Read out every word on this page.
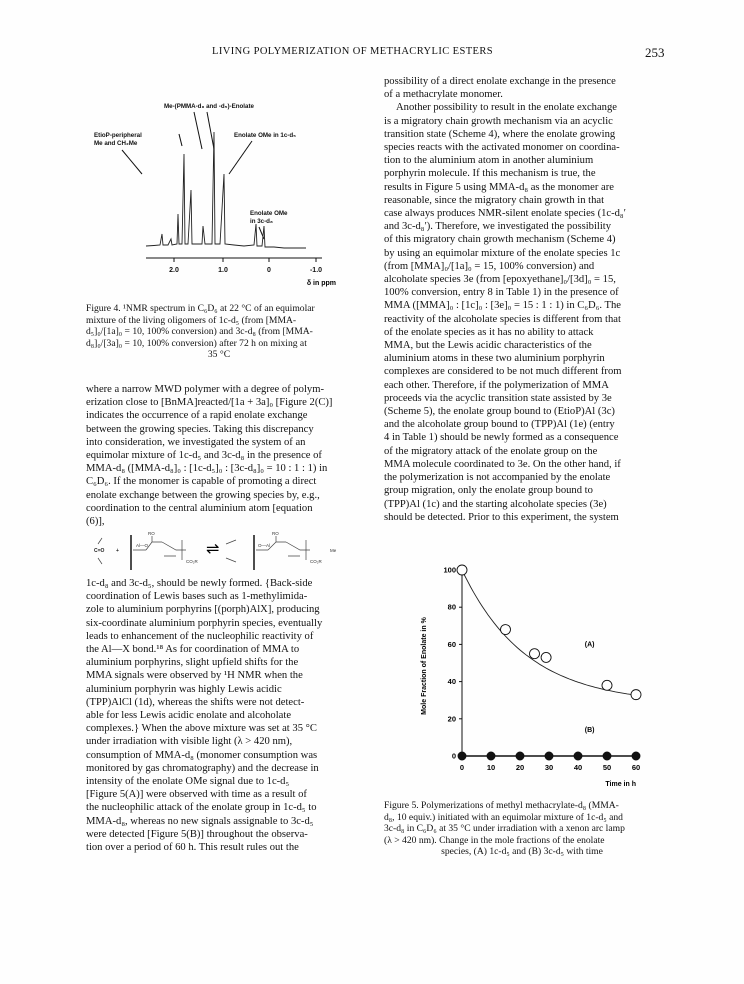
LIVING POLYMERIZATION OF METHACRYLIC ESTERS	253
Me-(PMMA-d₈ and -d₅)-Enolate
EtioP-peripheral
Me and CH₂Me
Enolate OMe in 1c-d₅
Enolate OMe
in 3c-d₈
2.0	1.0	0	-1.0
δ in ppm
Figure 4. ¹NMR spectrum in C₆D₆ at 22 °C of an equimolar
mixture of the living oligomers of 1c-d₅ (from [MMA-
d₅]₀/[1a]₀ = 10, 100% conversion) and 3c-d₈ (from [MMA-
d₈]₀/[3a]₀ = 10, 100% conversion) after 72 h on mixing at
35 °C
where a narrow MWD polymer with a degree of polym-
erization close to [BnMA]reacted/[1a + 3a]₀ [Figure 2(C)]
indicates the occurrence of a rapid enolate exchange
between the growing species. Taking this discrepancy
into consideration, we investigated the system of an
equimolar mixture of 1c-d₅ and 3c-d₈ in the presence of
MMA-d₈ ([MMA-d₈]₀ : [1c-d₅]₀ : [3c-d₈]₀ = 10 : 1 : 1) in
C₆D₆. If the monomer is capable of promoting a direct
enolate exchange between the growing species by, e.g.,
coordination to the central aluminium atom [equation
(6)],
C=O +
Al—O	O—Al
CO₂R	CO₂R
RO	RO
Me
⇌
1c-d₈ and 3c-d₅, should be newly formed. {Back-side
coordination of Lewis bases such as 1-methylimida-
zole to aluminium porphyrins [(porph)AlX], producing
six-coordinate aluminium porphyrin species, eventually
leads to enhancement of the nucleophilic reactivity of
the Al—X bond.¹⁸ As for coordination of MMA to
aluminium porphyrins, slight upfield shifts for the
MMA signals were observed by ¹H NMR when the
aluminium porphyrin was highly Lewis acidic
(TPP)AlCl (1d), whereas the shifts were not detect-
able for less Lewis acidic enolate and alcoholate
complexes.} When the above mixture was set at 35 °C
under irradiation with visible light (λ > 420 nm),
consumption of MMA-d₈ (monomer consumption was
monitored by gas chromatography) and the decrease in
intensity of the enolate OMe signal due to 1c-d₅
[Figure 5(A)] were observed with time as a result of
the nucleophilic attack of the enolate group in 1c-d₅ to
MMA-d₈, whereas no new signals assignable to 3c-d₅
were detected [Figure 5(B)] throughout the observa-
tion over a period of 60 h. This result rules out the
possibility of a direct enolate exchange in the presence
of a methacrylate monomer.
Another possibility to result in the enolate exchange
is a migratory chain growth mechanism via an acyclic
transition state (Scheme 4), where the enolate growing
species reacts with the activated monomer on coordina-
tion to the aluminium atom in another aluminium
porphyrin molecule. If this mechanism is true, the
results in Figure 5 using MMA-d₈ as the monomer are
reasonable, since the migratory chain growth in that
case always produces NMR-silent enolate species (1c-d₈′
and 3c-d₈′). Therefore, we investigated the possibility
of this migratory chain growth mechanism (Scheme 4)
by using an equimolar mixture of the enolate species 1c
(from [MMA]₀/[1a]₀ = 15, 100% conversion) and
alcoholate species 3e (from [epoxyethane]₀/[3d]₀ = 15,
100% conversion, entry 8 in Table 1) in the presence of
MMA ([MMA]₀ : [1c]₀ : [3e]₀ = 15 : 1 : 1) in C₆D₆. The
reactivity of the alcoholate species is different from that
of the enolate species as it has no ability to attack
MMA, but the Lewis acidic characteristics of the
aluminium atoms in these two aluminium porphyrin
complexes are considered to be not much different from
each other. Therefore, if the polymerization of MMA
proceeds via the acyclic transition state assisted by 3e
(Scheme 5), the enolate group bound to (EtioP)Al (3c)
and the alcoholate group bound to (TPP)Al (1e) (entry
4 in Table 1) should be newly formed as a consequence
of the migratory attack of the enolate group on the
MMA molecule coordinated to 3e. On the other hand, if
the polymerization is not accompanied by the enolate
group migration, only the enolate group bound to
(TPP)Al (1c) and the starting alcoholate species (3e)
should be detected. Prior to this experiment, the system
0
20
40
60
80
100
0	10	20	30	40	50	60
(A)
(B)
Mole Fraction of Enolate in %
Time in h
Figure 5. Polymerizations of methyl methacrylate-d₈ (MMA-
d₈, 10 equiv.) initiated with an equimolar mixture of 1c-d₅ and
3c-d₈ in C₆D₆ at 35 °C under irradiation with a xenon arc lamp
(λ > 420 nm). Change in the mole fractions of the enolate
species, (A) 1c-d₅ and (B) 3c-d₅ with time
